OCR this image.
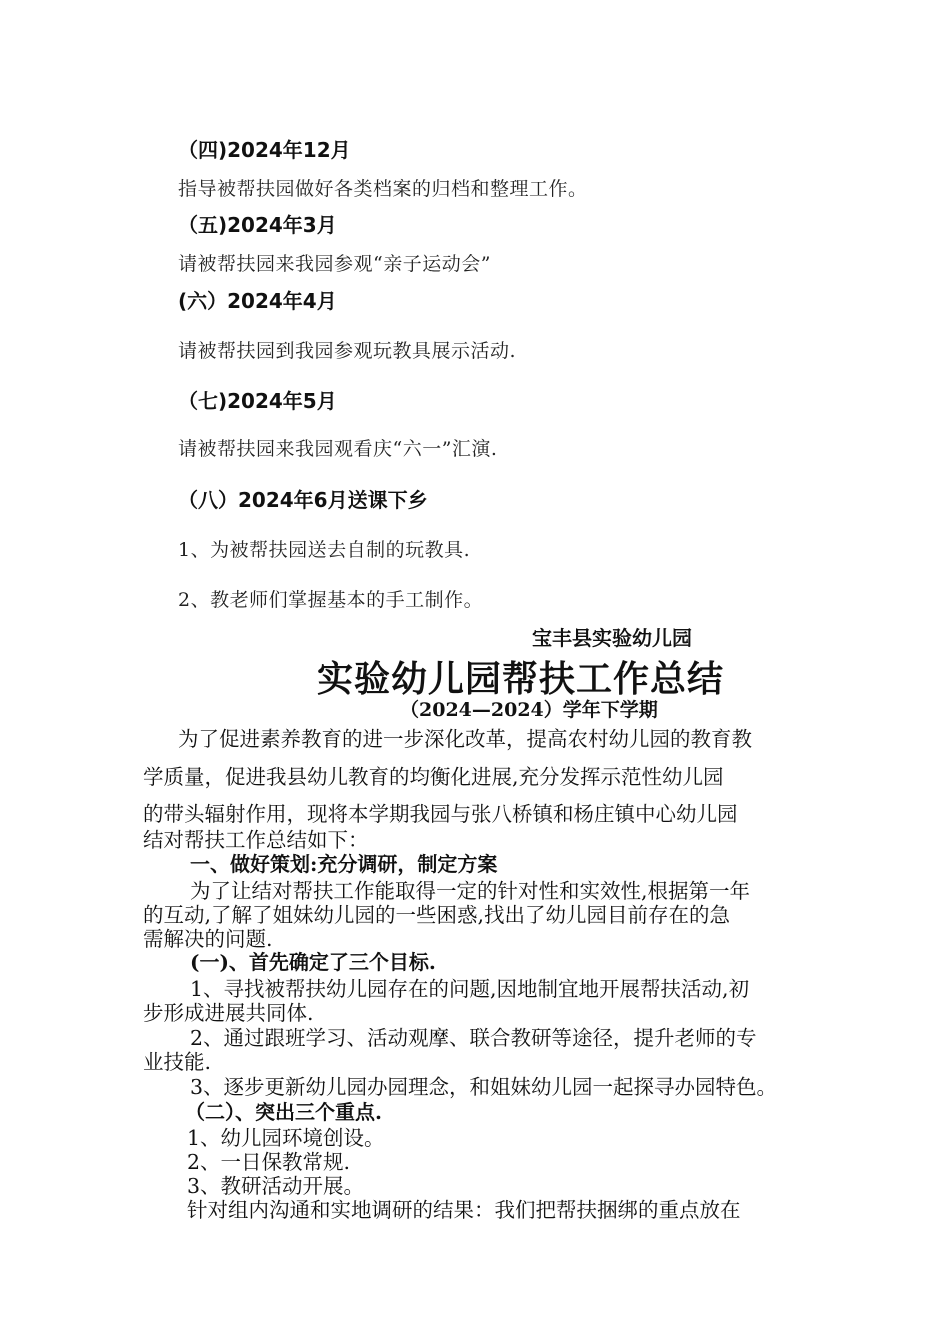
（四)2024年12月
指导被帮扶园做好各类档案的归档和整理工作。
（五)2024年3月
请被帮扶园来我园参观“亲子运动会”
(六）2024年4月
请被帮扶园到我园参观玩教具展示活动.
（七)2024年5月
请被帮扶园来我园观看庆“六一”汇演.
（八）2024年6月送课下乡
1、为被帮扶园送去自制的玩教具.
2、教老师们掌握基本的手工制作。
宝丰县实验幼儿园
实验幼儿园帮扶工作总结
（2024—2024）学年下学期
为了促进素养教育的进一步深化改革，提高农村幼儿园的教育教
学质量，促进我县幼儿教育的均衡化进展,充分发挥示范性幼儿园
的带头辐射作用，现将本学期我园与张八桥镇和杨庄镇中心幼儿园
结对帮扶工作总结如下：
一、做好策划:充分调研，制定方案
为了让结对帮扶工作能取得一定的针对性和实效性,根据第一年
的互动,了解了姐妹幼儿园的一些困惑,找出了幼儿园目前存在的急
需解决的问题.
(一)、首先确定了三个目标.
1、寻找被帮扶幼儿园存在的问题,因地制宜地开展帮扶活动,初
步形成进展共同体.
2、通过跟班学习、活动观摩、联合教研等途径，提升老师的专
业技能.
3、逐步更新幼儿园办园理念，和姐妹幼儿园一起探寻办园特色。
（二）、突出三个重点.
1、幼儿园环境创设。
2、一日保教常规.
3、教研活动开展。
针对组内沟通和实地调研的结果：我们把帮扶捆绑的重点放在
